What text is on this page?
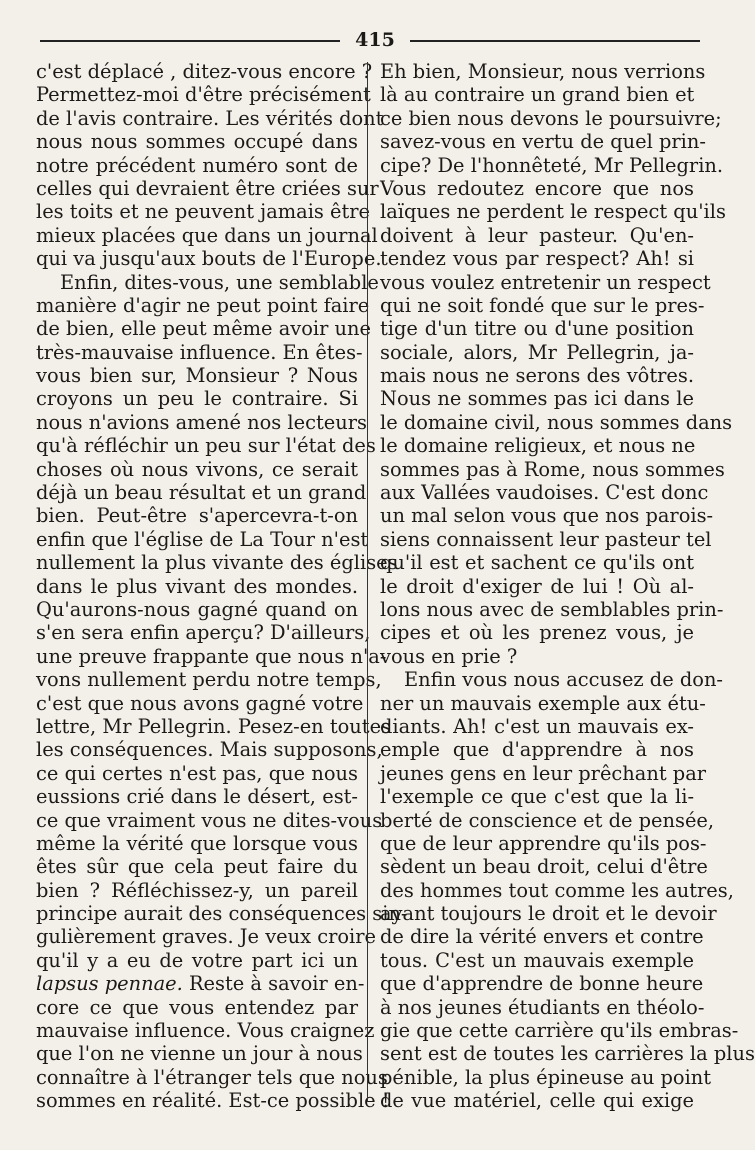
415
c'est déplacé , ditez-vous encore ?
Permettez-moi d'être précisément
de l'avis contraire. Les vérités dont
nous nous sommes occupé dans
notre précédent numéro sont de
celles qui devraient être criées sur
les toits et ne peuvent jamais être
mieux placées que dans un journal
qui va jusqu'aux bouts de l'Europe.
Enfin, dites-vous, une semblable
manière d'agir ne peut point faire
de bien, elle peut même avoir une
très-mauvaise influence. En êtes-
vous bien sur, Monsieur ? Nous
croyons un peu le contraire. Si
nous n'avions amené nos lecteurs
qu'à réfléchir un peu sur l'état des
choses où nous vivons, ce serait
déjà un beau résultat et un grand
bien. Peut-être s'apercevra-t-on
enfin que l'église de La Tour n'est
nullement la plus vivante des églises
dans le plus vivant des mondes.
Qu'aurons-nous gagné quand on
s'en sera enfin aperçu? D'ailleurs,
une preuve frappante que nous n'a-
vons nullement perdu notre temps,
c'est que nous avons gagné votre
lettre, Mr Pellegrin. Pesez-en toutes
les conséquences. Mais supposons,
ce qui certes n'est pas, que nous
eussions crié dans le désert, est-
ce que vraiment vous ne dites-vous
même la vérité que lorsque vous
êtes sûr que cela peut faire du
bien ? Réfléchissez-y, un pareil
principe aurait des conséquences sin-
gulièrement graves. Je veux croire
qu'il y a eu de votre part ici un
lapsus pennae. Reste à savoir en-
core ce que vous entendez par
mauvaise influence. Vous craignez
que l'on ne vienne un jour à nous
connaître à l'étranger tels que nous
sommes en réalité. Est-ce possible !
Eh bien, Monsieur, nous verrions
là au contraire un grand bien et
ce bien nous devons le poursuivre;
savez-vous en vertu de quel prin-
cipe? De l'honnêteté, Mr Pellegrin.
Vous redoutez encore que nos
laïques ne perdent le respect qu'ils
doivent à leur pasteur. Qu'en-
tendez vous par respect? Ah! si
vous voulez entretenir un respect
qui ne soit fondé que sur le pres-
tige d'un titre ou d'une position
sociale, alors, Mr Pellegrin, ja-
mais nous ne serons des vôtres.
Nous ne sommes pas ici dans le
le domaine civil, nous sommes dans
le domaine religieux, et nous ne
sommes pas à Rome, nous sommes
aux Vallées vaudoises. C'est donc
un mal selon vous que nos parois-
siens connaissent leur pasteur tel
qu'il est et sachent ce qu'ils ont
le droit d'exiger de lui ! Où al-
lons nous avec de semblables prin-
cipes et où les prenez vous, je
vous en prie ?
Enfin vous nous accusez de don-
ner un mauvais exemple aux étu-
diants. Ah! c'est un mauvais ex-
emple que d'apprendre à nos
jeunes gens en leur prêchant par
l'exemple ce que c'est que la li-
berté de conscience et de pensée,
que de leur apprendre qu'ils pos-
sèdent un beau droit, celui d'être
des hommes tout comme les autres,
ayant toujours le droit et le devoir
de dire la vérité envers et contre
tous. C'est un mauvais exemple
que d'apprendre de bonne heure
à nos jeunes étudiants en théolo-
gie que cette carrière qu'ils embras-
sent est de toutes les carrières la plus
pénible, la plus épineuse au point
de vue matériel, celle qui exige
